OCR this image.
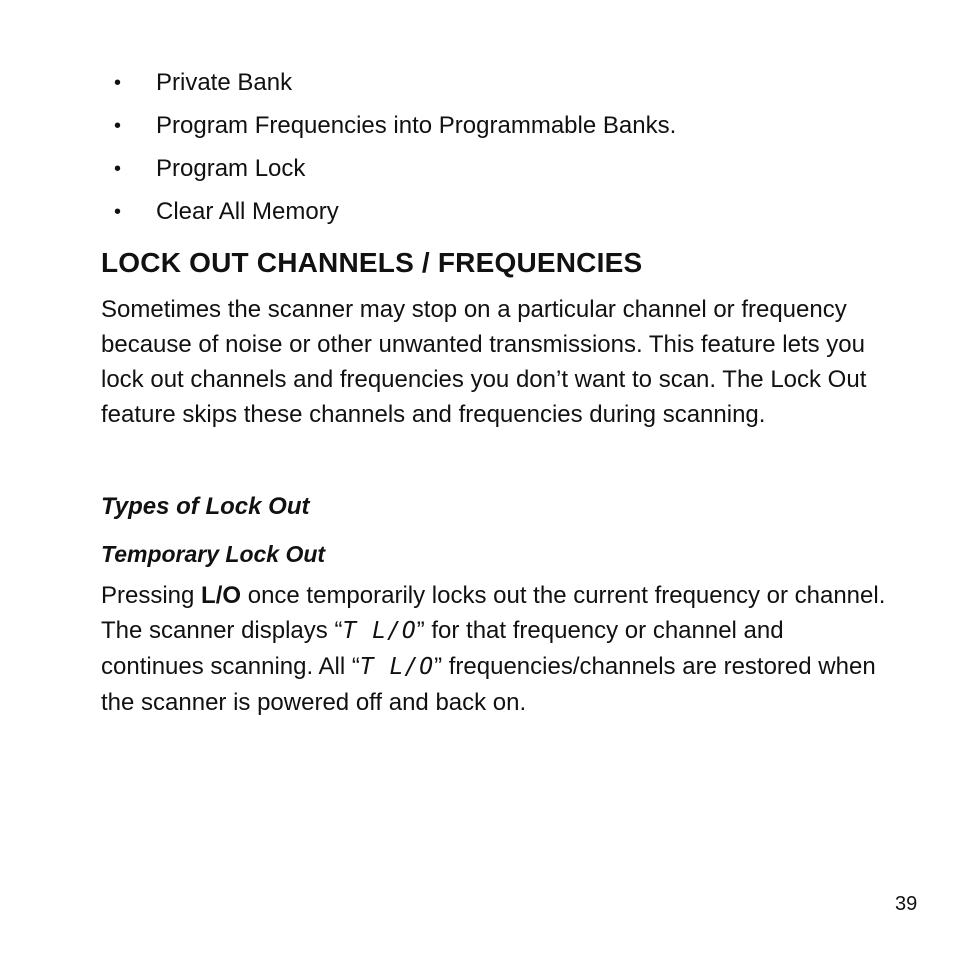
• Private Bank
• Program Frequencies into Programmable Banks.
• Program Lock
• Clear All Memory
LOCK OUT CHANNELS / FREQUENCIES

Sometimes the scanner may stop on a particular channel or frequency because of noise or other unwanted transmissions. This feature lets you lock out channels and frequencies you don’t want to scan. The Lock Out feature skips these channels and frequencies during scanning.

Types of Lock Out
Temporary Lock Out

Pressing L/O once temporarily locks out the current frequency or channel. The scanner displays “T L/O” for that frequency or channel and continues scanning. All “T L/O” frequencies/channels are restored when the scanner is powered off and back on.

39
